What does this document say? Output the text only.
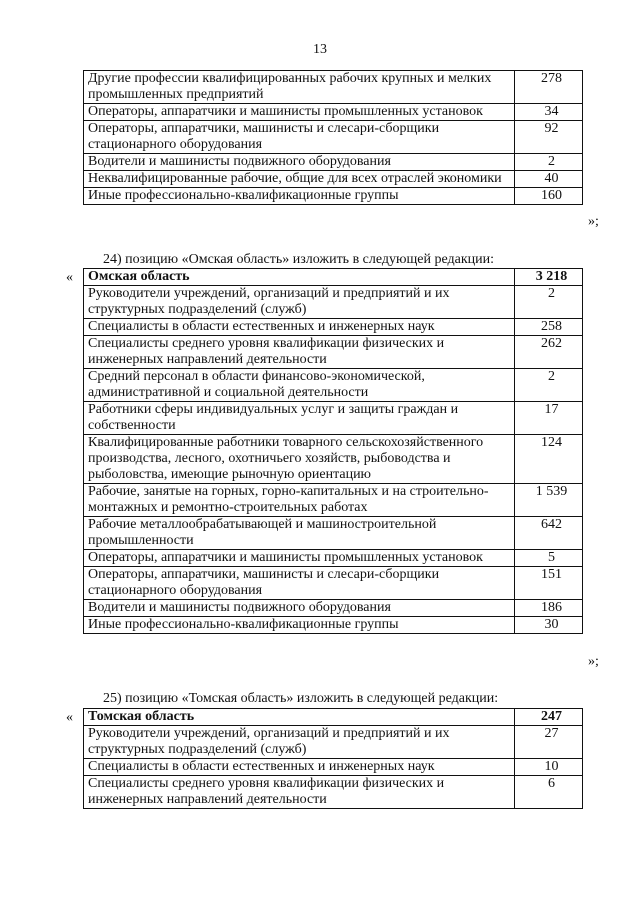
13
Другие профессии квалифицированных рабочих крупных и мелких промышленных предприятий	278
Операторы, аппаратчики и машинисты промышленных установок	34
Операторы, аппаратчики, машинисты и слесари-сборщики стационарного оборудования	92
Водители и машинисты подвижного оборудования	2
Неквалифицированные рабочие, общие для всех отраслей экономики	40
Иные профессионально-квалификационные группы	160
»;
24) позицию «Омская область» изложить в следующей редакции:
« Омская область	3 218
Руководители учреждений, организаций и предприятий и их структурных подразделений (служб)	2
Специалисты в области естественных и инженерных наук	258
Специалисты среднего уровня квалификации физических и инженерных направлений деятельности	262
Средний персонал в области финансово-экономической, административной и социальной деятельности	2
Работники сферы индивидуальных услуг и защиты граждан и собственности	17
Квалифицированные работники товарного сельскохозяйственного производства, лесного, охотничьего хозяйств, рыбоводства и рыболовства, имеющие рыночную ориентацию	124
Рабочие, занятые на горных, горно-капитальных и на строительно-монтажных и ремонтно-строительных работах	1 539
Рабочие металлообрабатывающей и машиностроительной промышленности	642
Операторы, аппаратчики и машинисты промышленных установок	5
Операторы, аппаратчики, машинисты и слесари-сборщики стационарного оборудования	151
Водители и машинисты подвижного оборудования	186
Иные профессионально-квалификационные группы	30
»;
25) позицию «Томская область» изложить в следующей редакции:
« Томская область	247
Руководители учреждений, организаций и предприятий и их структурных подразделений (служб)	27
Специалисты в области естественных и инженерных наук	10
Специалисты среднего уровня квалификации физических и инженерных направлений деятельности	6
